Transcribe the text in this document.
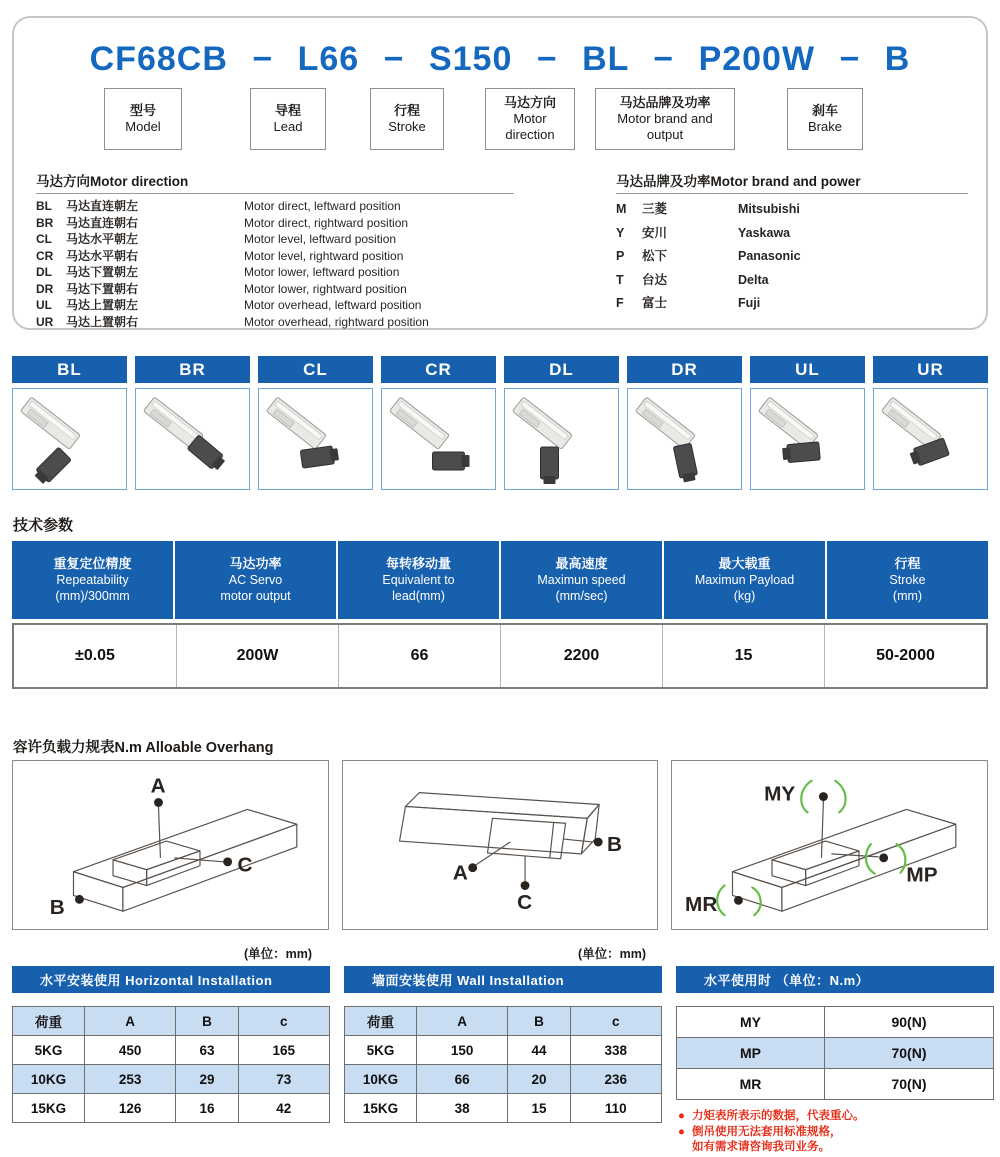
CF68CB − L66 − S150 − BL − P200W − B
型号
Model
导程
Lead
行程
Stroke
马达方向
Motor direction
马达品牌及功率
Motor brand and output
刹车
Brake
马达方向Motor direction
BL	马达直连朝左	Motor direct, leftward position
BR	马达直连朝右	Motor direct, rightward position
CL	马达水平朝左	Motor level, leftward position
CR	马达水平朝右	Motor level, rightward position
DL	马达下置朝左	Motor lower, leftward position
DR	马达下置朝右	Motor lower, rightward position
UL	马达上置朝左	Motor overhead, leftward position
UR	马达上置朝右	Motor overhead, rightward position
马达品牌及功率Motor brand and power
M	三菱	Mitsubishi
Y	安川	Yaskawa
P	松下	Panasonic
T	台达	Delta
F	富士	Fuji
BL	BR	CL	CR	DL	DR	UL	UR
技术参数
重复定位精度
Repeatability
(mm)/300mm
马达功率
AC Servo
motor output
每转移动量
Equivalent to
lead(mm)
最高速度
Maximun speed
(mm/sec)
最大载重
Maximun Payload
(kg)
行程
Stroke
(mm)
±0.05	200W	66	2200	15	50-2000
容许负载力规表N.m Alloable Overhang
A
B
C	A
B
C
MY
MR
MP
(单位：mm)	(单位：mm)
水平安装使用 Horizontal Installation
荷重	A	B	c
5KG	450	63	165
10KG	253	29	73
15KG	126	16	42
墙面安装使用 Wall Installation
荷重	A	B	c
5KG	150	44	338
10KG	66	20	236
15KG	38	15	110
水平使用时 （单位：N.m）
MY	90(N)
MP	70(N)
MR	70(N)
● 力矩表所表示的数据，代表重心。
● 倒吊使用无法套用标准规格，
如有需求请咨询我司业务。
